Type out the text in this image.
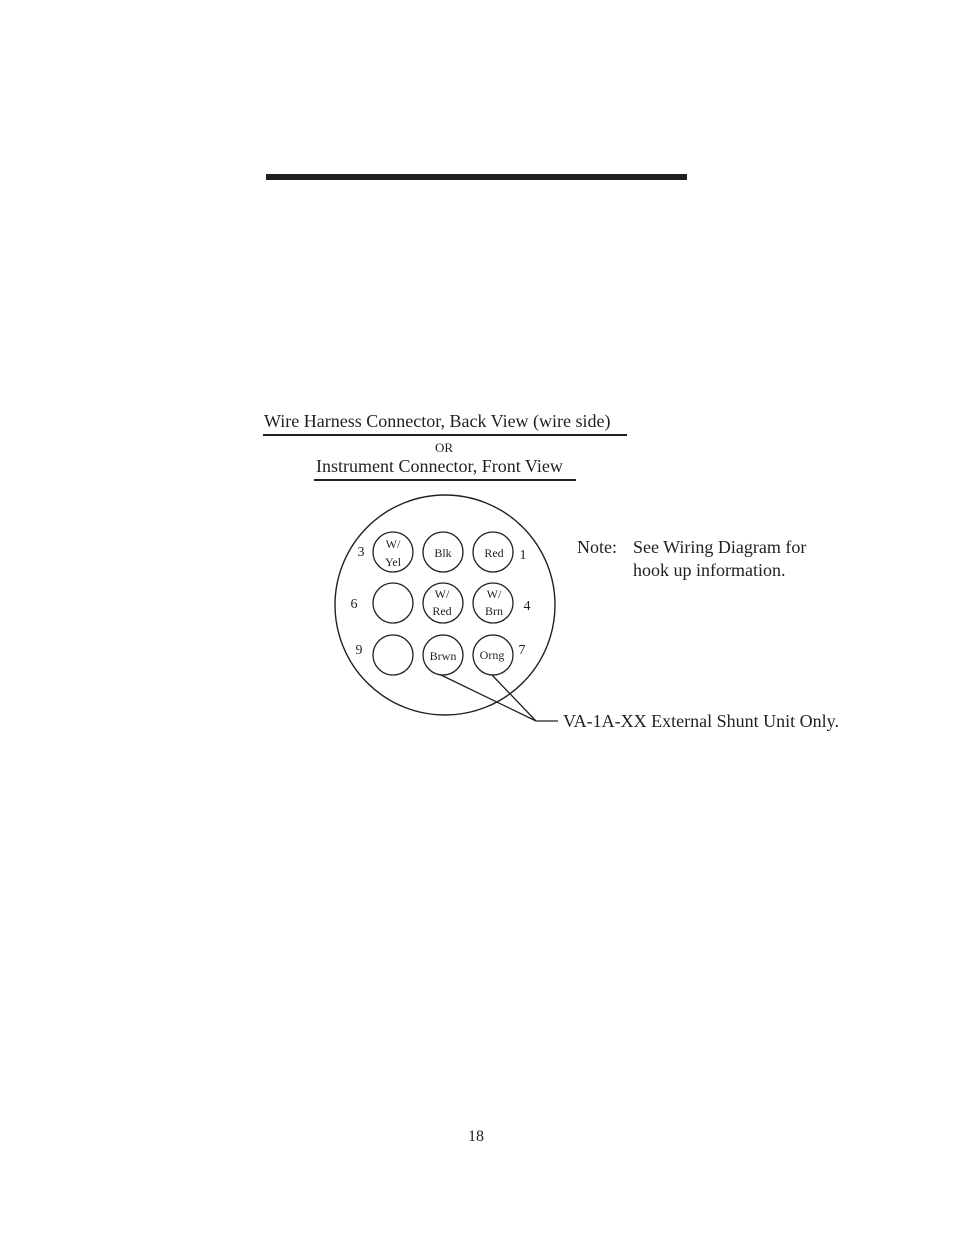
Wire Harness Connector, Back View (wire side)
OR
Instrument Connector, Front View
W/
Yel
Blk	Red
W/
Red
W/
Brn
Brwn Orng
3	1
6	4
9	7
VA-1A-XX External Shunt Unit Only.
Note: See Wiring Diagram for
hook up information.
18
